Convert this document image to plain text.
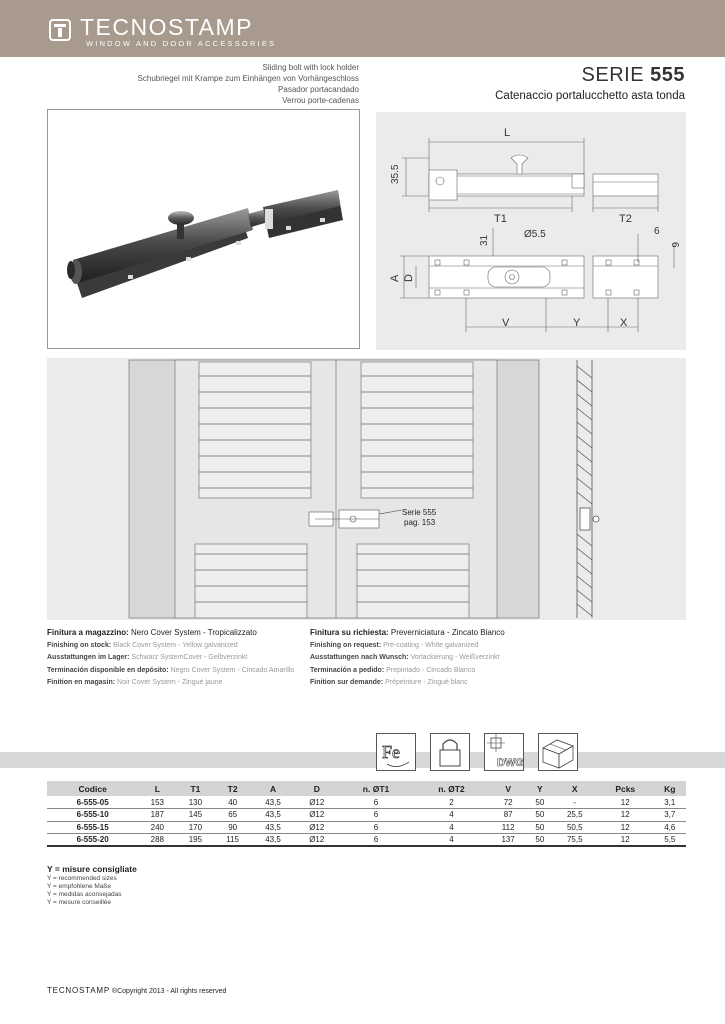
TECNOSTAMP
WINDOW AND DOOR ACCESSORIES
Sliding bolt with lock holder
Schubriegel mit Krampe zum Einhängen von Vorhängeschloss
Pasador portacandado
Verrou porte-cadenas
SERIE 555
Catenaccio portalucchetto asta tonda
L
35.5
T1	T2
31
Ø5.5	6
6
A D
V	Y	X
Serie 555
pag. 153
Finitura a magazzino: Nero Cover System - Tropicalizzato
Finishing on stock: Black Cover System - Yellow galvanized
Ausstattungen im Lager: Schwarz SystemCover - Gelbverzinkt
Terminación disponible en depósito: Negro Cover System - Cincado Amarillo
Finition en magasin: Noir Cover System - Zingué jaune
Finitura su richiesta: Preverniciatura - Zincato Bianco
Finishing on request: Pre-coating - White galvanized
Ausstattungen nach Wunsch: Vorlackierung - Weißverzinkt
Terminación a pedido: Prepintado - Cincado Blanco
Finition sur demande: Prépeinture - Zingué blanc
Fe
DWG
Codice	L	T1	T2	A	D	n. ØT1	n. ØT2	V	Y	X	Pcks	Kg
6-555-05	153	130	40	43,5	Ø12	6	2	72	50	-	12	3,1
6-555-10	187	145	65	43,5	Ø12	6	4	87	50	25,5	12	3,7
6-555-15	240	170	90	43,5	Ø12	6	4	112	50	50,5	12	4,6
6-555-20	288	195	115	43,5	Ø12	6	4	137	50	75,5	12	5,5
Y = misure consigliate
Y = recommended sizes
Y = empfohlene Maße
Y = medidas aconsejadas
Y = mesure conseillée
TECNOSTAMP ®Copyright 2013 - All rights reserved
